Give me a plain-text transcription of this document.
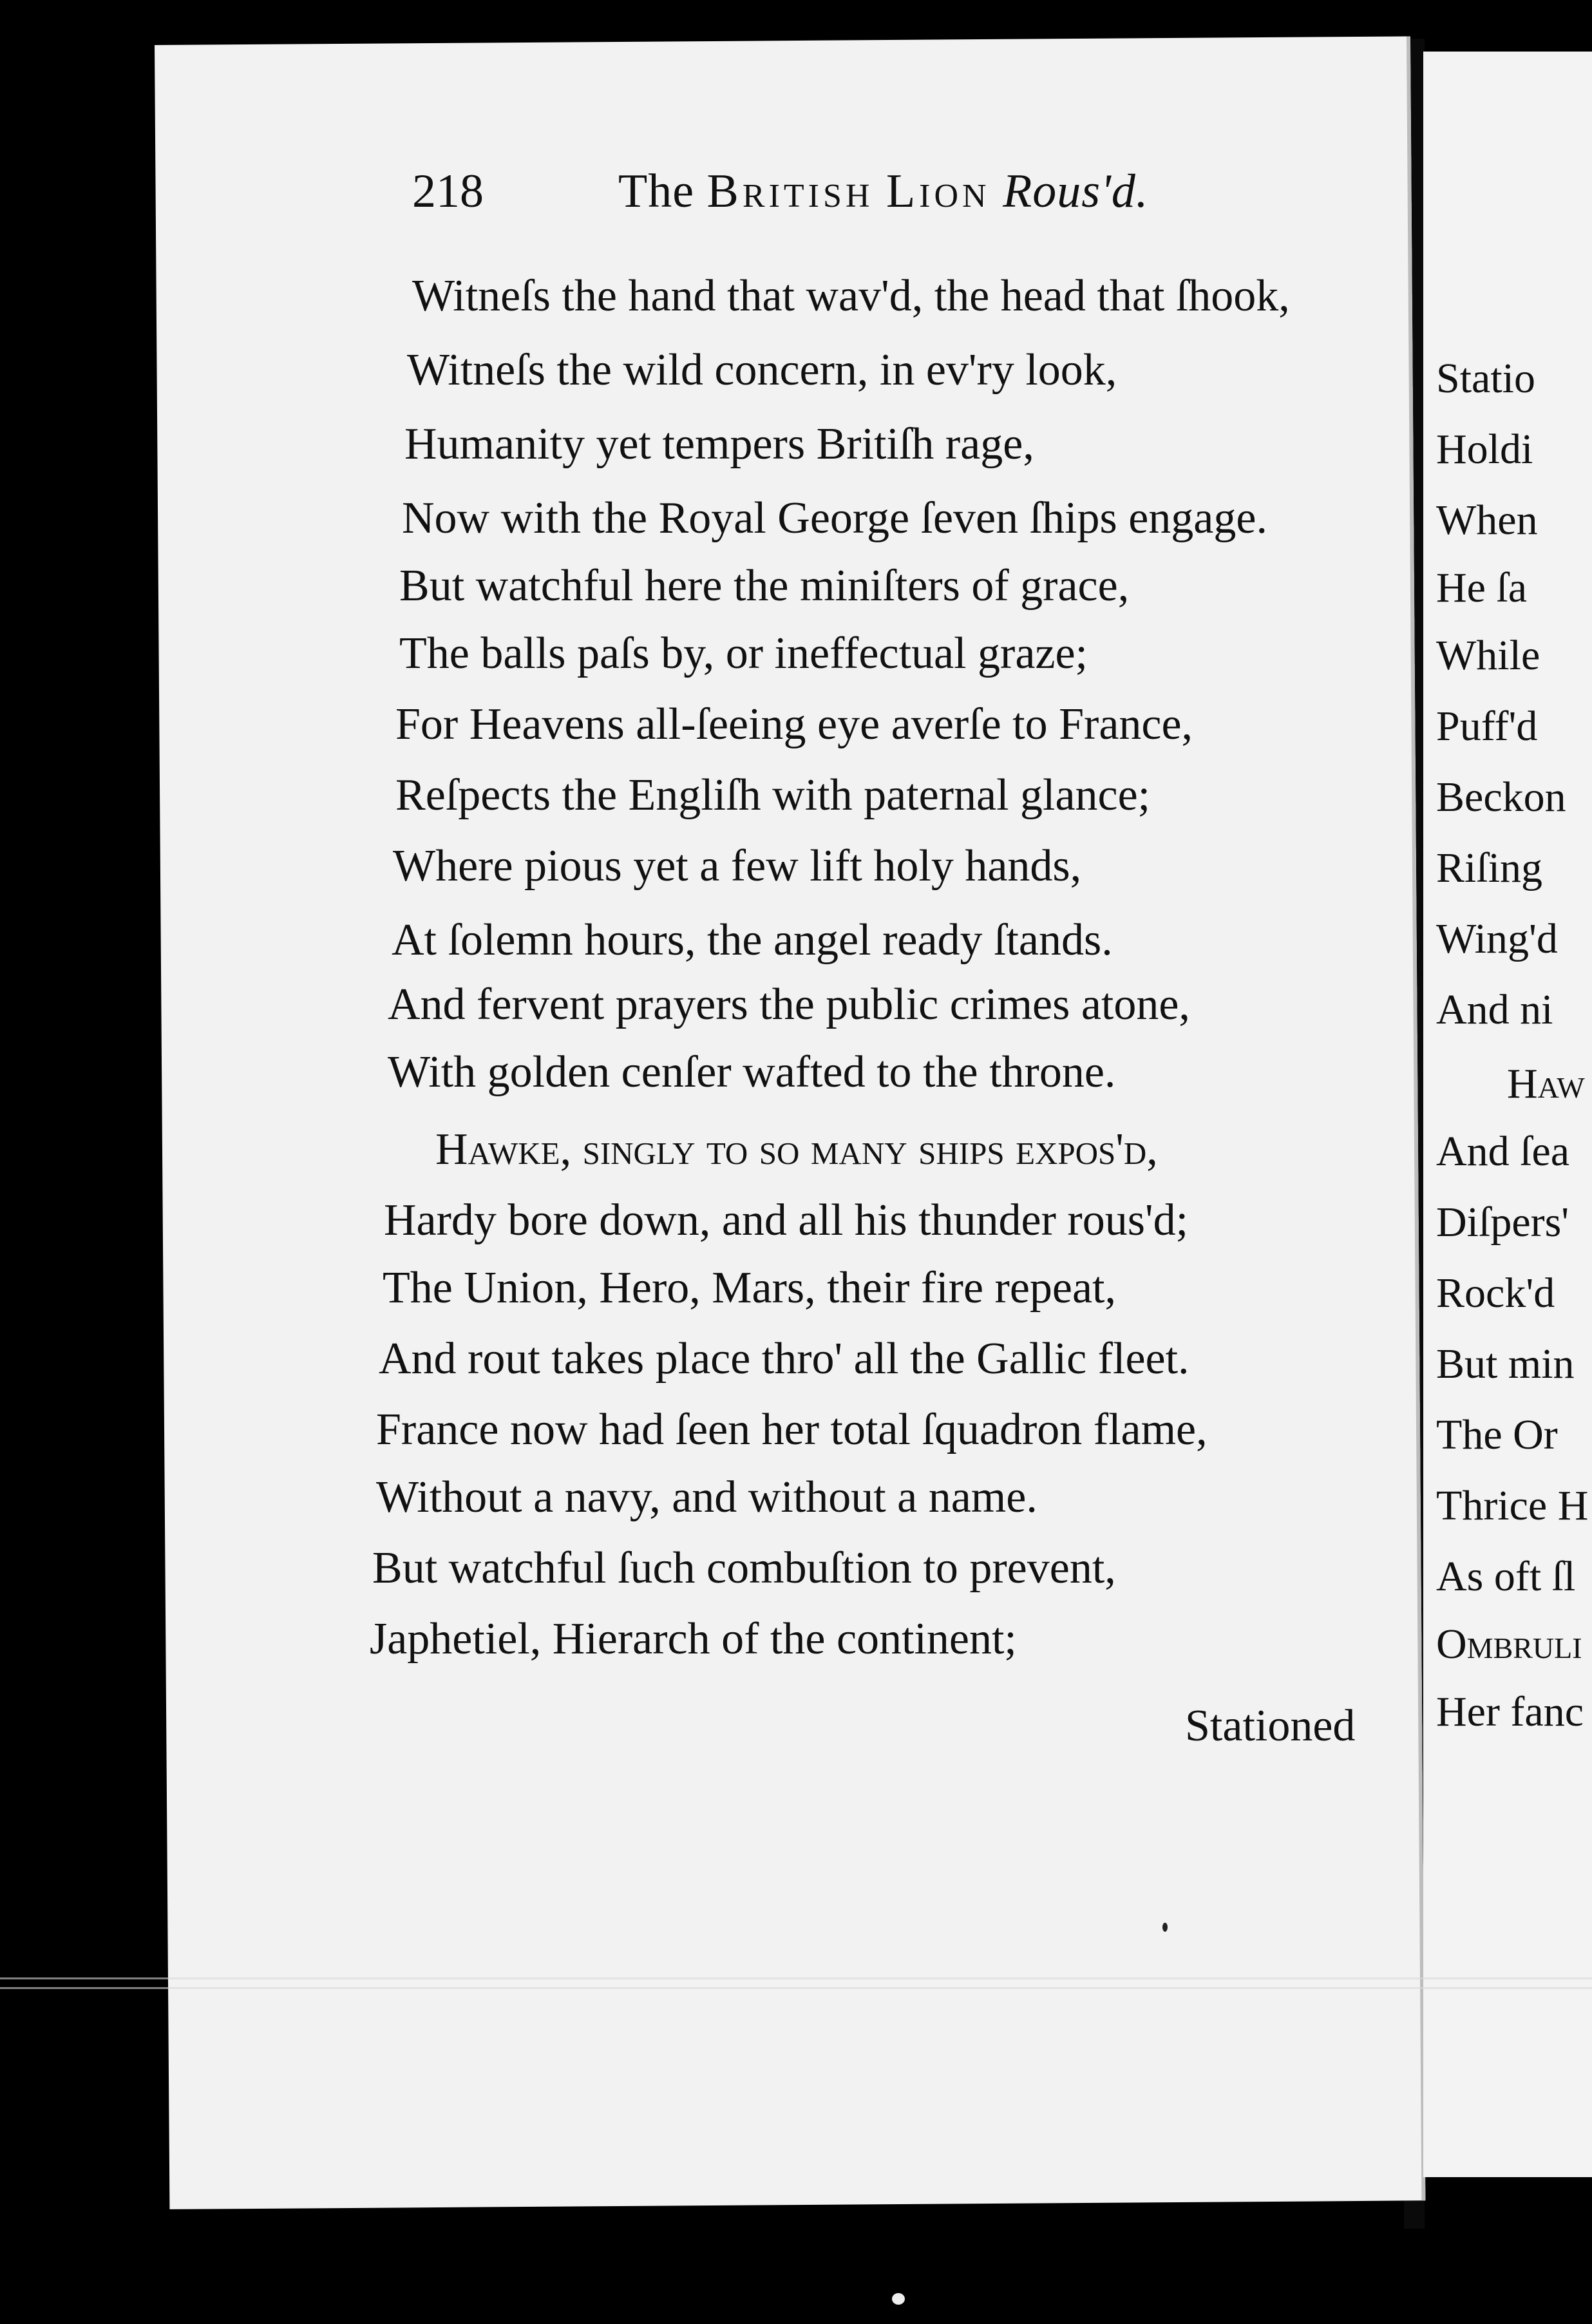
218	The British Lion Rous'd.
Witneſs the hand that wav'd, the head that ſhook,
Witneſs the wild concern, in ev'ry look,
Humanity yet tempers Britiſh rage,
Now with the Royal George ſeven ſhips engage.
But watchful here the miniſters of grace,
The balls paſs by, or ineffectual graze;
For Heavens all-ſeeing eye averſe to France,
Reſpects the Engliſh with paternal glance;
Where pious yet a few lift holy hands,
At ſolemn hours, the angel ready ſtands.
And fervent prayers the public crimes atone,
With golden cenſer wafted to the throne.
Hawke, ſingly to ſo many ſhips expos'd,
Hardy bore down, and all his thunder rous'd;
The Union, Hero, Mars, their fire repeat,
And rout takes place thro' all the Gallic fleet.
France now had ſeen her total ſquadron flame,
Without a navy, and without a name.
But watchful ſuch combuſtion to prevent,
Japhetiel, Hierarch of the continent;
Stationed
Statio
Holdi
When
He ſa
While
Puff'd
Beckon
Riſing
Wing'd
And ni
Haw
And ſea
Diſpers'
Rock'd
But min
The Or
Thrice H
As oft ſl
Ombruli
Her fanc
